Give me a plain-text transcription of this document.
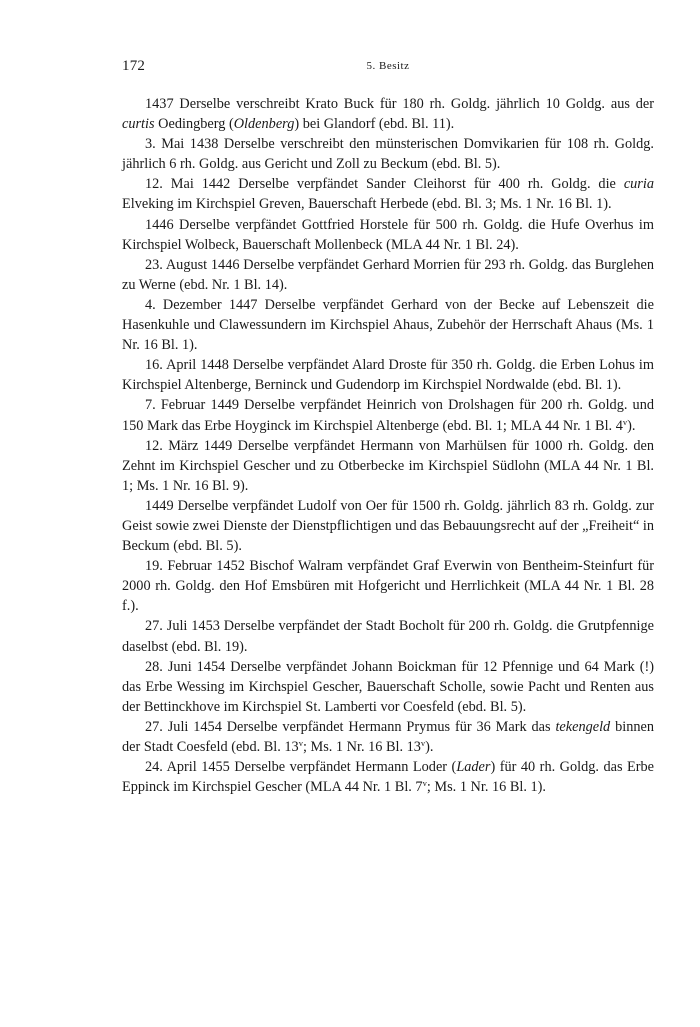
172	5. Besitz

1437 Derselbe verschreibt Krato Buck für 180 rh. Goldg. jährlich 10 Goldg. aus der curtis Oedingberg (Oldenberg) bei Glandorf (ebd. Bl. 11).

3. Mai 1438 Derselbe verschreibt den münsterischen Domvikarien für 108 rh. Goldg. jährlich 6 rh. Goldg. aus Gericht und Zoll zu Beckum (ebd. Bl. 5).

12. Mai 1442 Derselbe verpfändet Sander Cleihorst für 400 rh. Goldg. die curia Elveking im Kirchspiel Greven, Bauerschaft Herbede (ebd. Bl. 3; Ms. 1 Nr. 16 Bl. 1).

1446 Derselbe verpfändet Gottfried Horstele für 500 rh. Goldg. die Hufe Overhus im Kirchspiel Wolbeck, Bauerschaft Mollenbeck (MLA 44 Nr. 1 Bl. 24).

23. August 1446 Derselbe verpfändet Gerhard Morrien für 293 rh. Goldg. das Burglehen zu Werne (ebd. Nr. 1 Bl. 14).

4. Dezember 1447 Derselbe verpfändet Gerhard von der Becke auf Lebenszeit die Hasenkuhle und Clawessundern im Kirchspiel Ahaus, Zubehör der Herrschaft Ahaus (Ms. 1 Nr. 16 Bl. 1).

16. April 1448 Derselbe verpfändet Alard Droste für 350 rh. Goldg. die Erben Lohus im Kirchspiel Altenberge, Berninck und Gudendorp im Kirchspiel Nordwalde (ebd. Bl. 1).

7. Februar 1449 Derselbe verpfändet Heinrich von Drolshagen für 200 rh. Goldg. und 150 Mark das Erbe Hoyginck im Kirchspiel Altenberge (ebd. Bl. 1; MLA 44 Nr. 1 Bl. 4$^v$).

12. März 1449 Derselbe verpfändet Hermann von Marhülsen für 1000 rh. Goldg. den Zehnt im Kirchspiel Gescher und zu Otberbecke im Kirchspiel Südlohn (MLA 44 Nr. 1 Bl. 1; Ms. 1 Nr. 16 Bl. 9).

1449 Derselbe verpfändet Ludolf von Oer für 1500 rh. Goldg. jährlich 83 rh. Goldg. zur Geist sowie zwei Dienste der Dienstpflichtigen und das Bebauungsrecht auf der „Freiheit“ in Beckum (ebd. Bl. 5).

19. Februar 1452 Bischof Walram verpfändet Graf Everwin von Bentheim-Steinfurt für 2000 rh. Goldg. den Hof Emsbüren mit Hofgericht und Herrlichkeit (MLA 44 Nr. 1 Bl. 28 f.).

27. Juli 1453 Derselbe verpfändet der Stadt Bocholt für 200 rh. Goldg. die Grutpfennige daselbst (ebd. Bl. 19).

28. Juni 1454 Derselbe verpfändet Johann Boickman für 12 Pfennige und 64 Mark (!) das Erbe Wessing im Kirchspiel Gescher, Bauerschaft Scholle, sowie Pacht und Renten aus der Bettinckhove im Kirchspiel St. Lamberti vor Coesfeld (ebd. Bl. 5).

27. Juli 1454 Derselbe verpfändet Hermann Prymus für 36 Mark das tekengeld binnen der Stadt Coesfeld (ebd. Bl. 13$^v$; Ms. 1 Nr. 16 Bl. 13$^v$).

24. April 1455 Derselbe verpfändet Hermann Loder (Lader) für 40 rh. Goldg. das Erbe Eppinck im Kirchspiel Gescher (MLA 44 Nr. 1 Bl. 7$^v$; Ms. 1 Nr. 16 Bl. 1).
